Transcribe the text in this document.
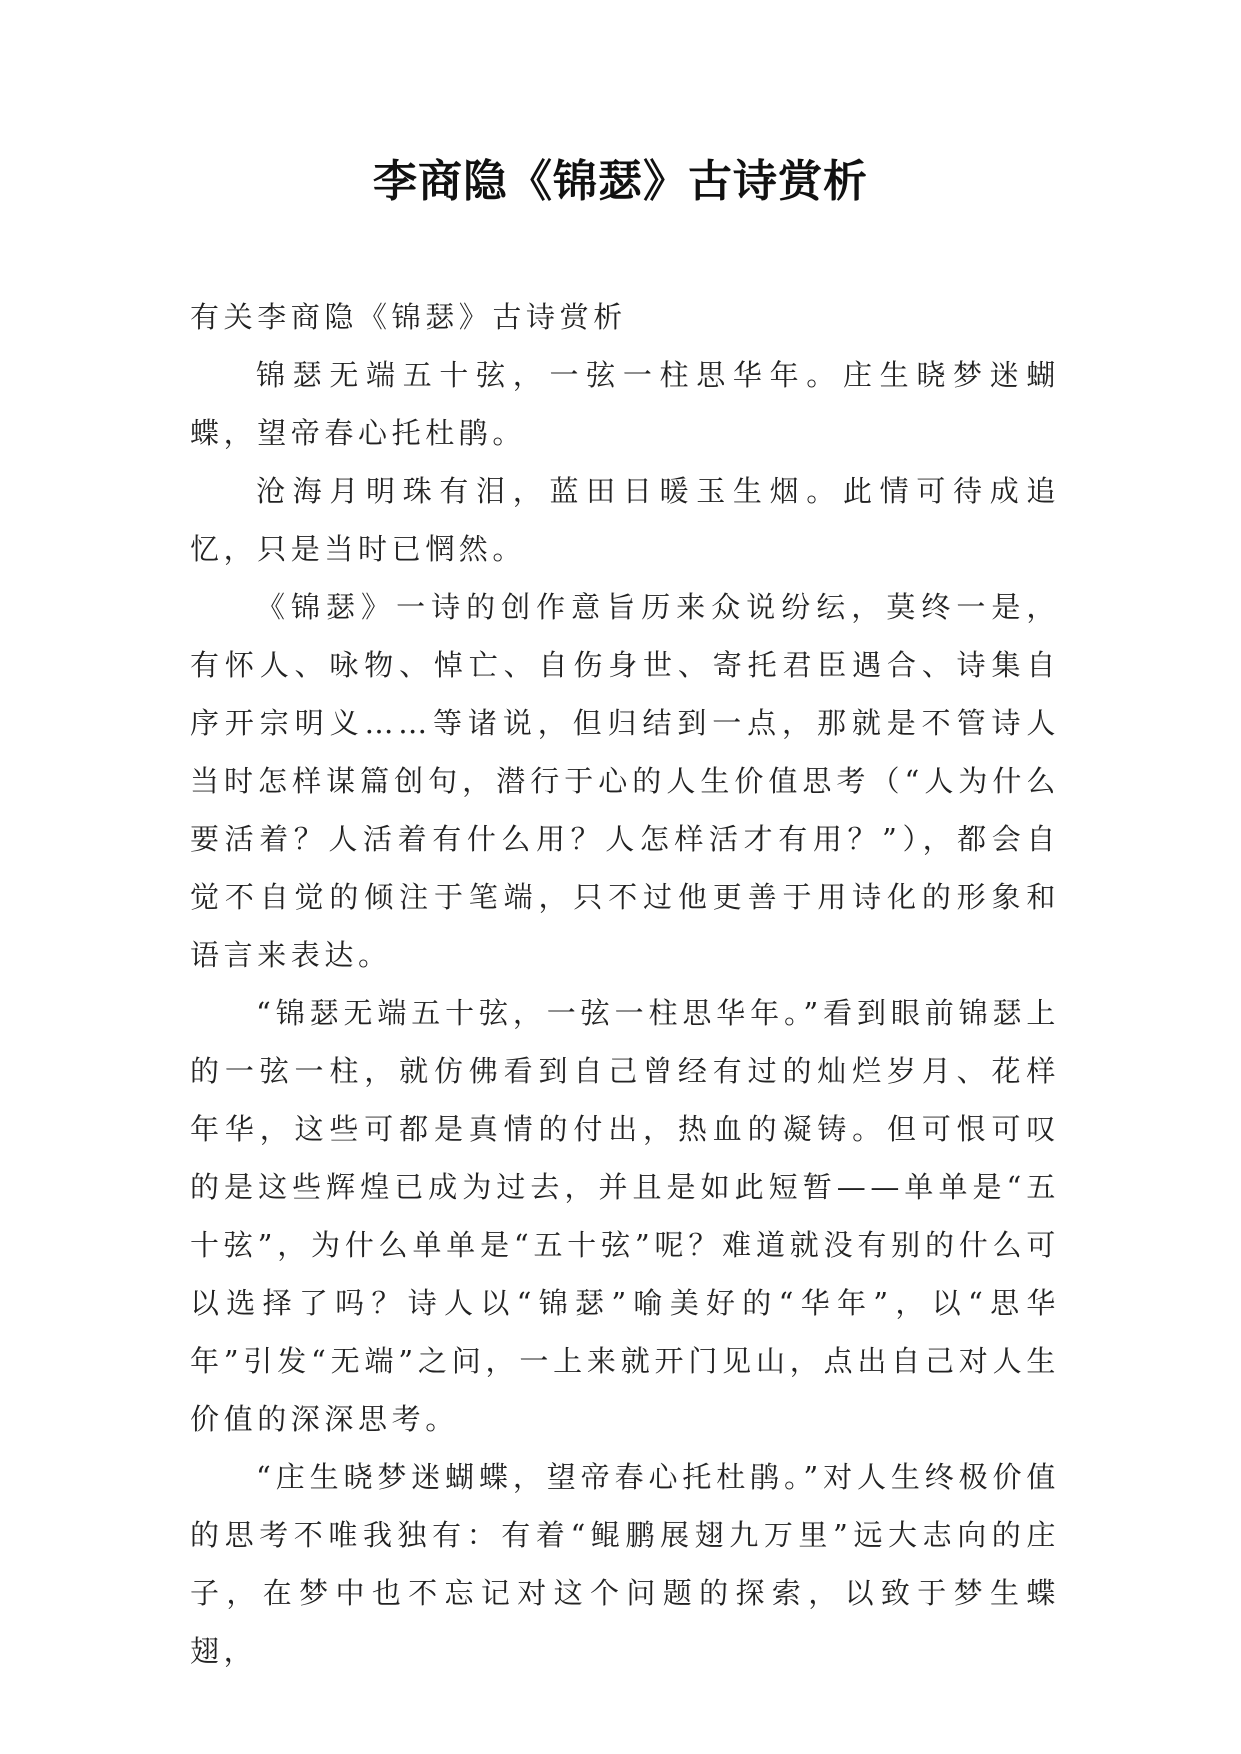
李商隐《锦瑟》古诗赏析

有关李商隐《锦瑟》古诗赏析

锦瑟无端五十弦，一弦一柱思华年。庄生晓梦迷蝴蝶，望帝春心托杜鹃。

沧海月明珠有泪，蓝田日暖玉生烟。此情可待成追忆，只是当时已惘然。

《锦瑟》一诗的创作意旨历来众说纷纭，莫终一是，有怀人、咏物、悼亡、自伤身世、寄托君臣遇合、诗集自序开宗明义……等诸说，但归结到一点，那就是不管诗人当时怎样谋篇创句，潜行于心的人生价值思考（“人为什么要活着？人活着有什么用？人怎样活才有用？”），都会自觉不自觉的倾注于笔端，只不过他更善于用诗化的形象和语言来表达。

“锦瑟无端五十弦，一弦一柱思华年。”看到眼前锦瑟上的一弦一柱，就仿佛看到自己曾经有过的灿烂岁月、花样年华，这些可都是真情的付出，热血的凝铸。但可恨可叹的是这些辉煌已成为过去，并且是如此短暂——单单是“五十弦”，为什么单单是“五十弦”呢？难道就没有别的什么可以选择了吗？诗人以“锦瑟”喻美好的“华年”，以“思华年”引发“无端”之问，一上来就开门见山，点出自己对人生价值的深深思考。

“庄生晓梦迷蝴蝶，望帝春心托杜鹃。”对人生终极价值的思考不唯我独有：有着“鲲鹏展翅九万里”远大志向的庄子，在梦中也不忘记对这个问题的探索，以致于梦生蝶翅，
